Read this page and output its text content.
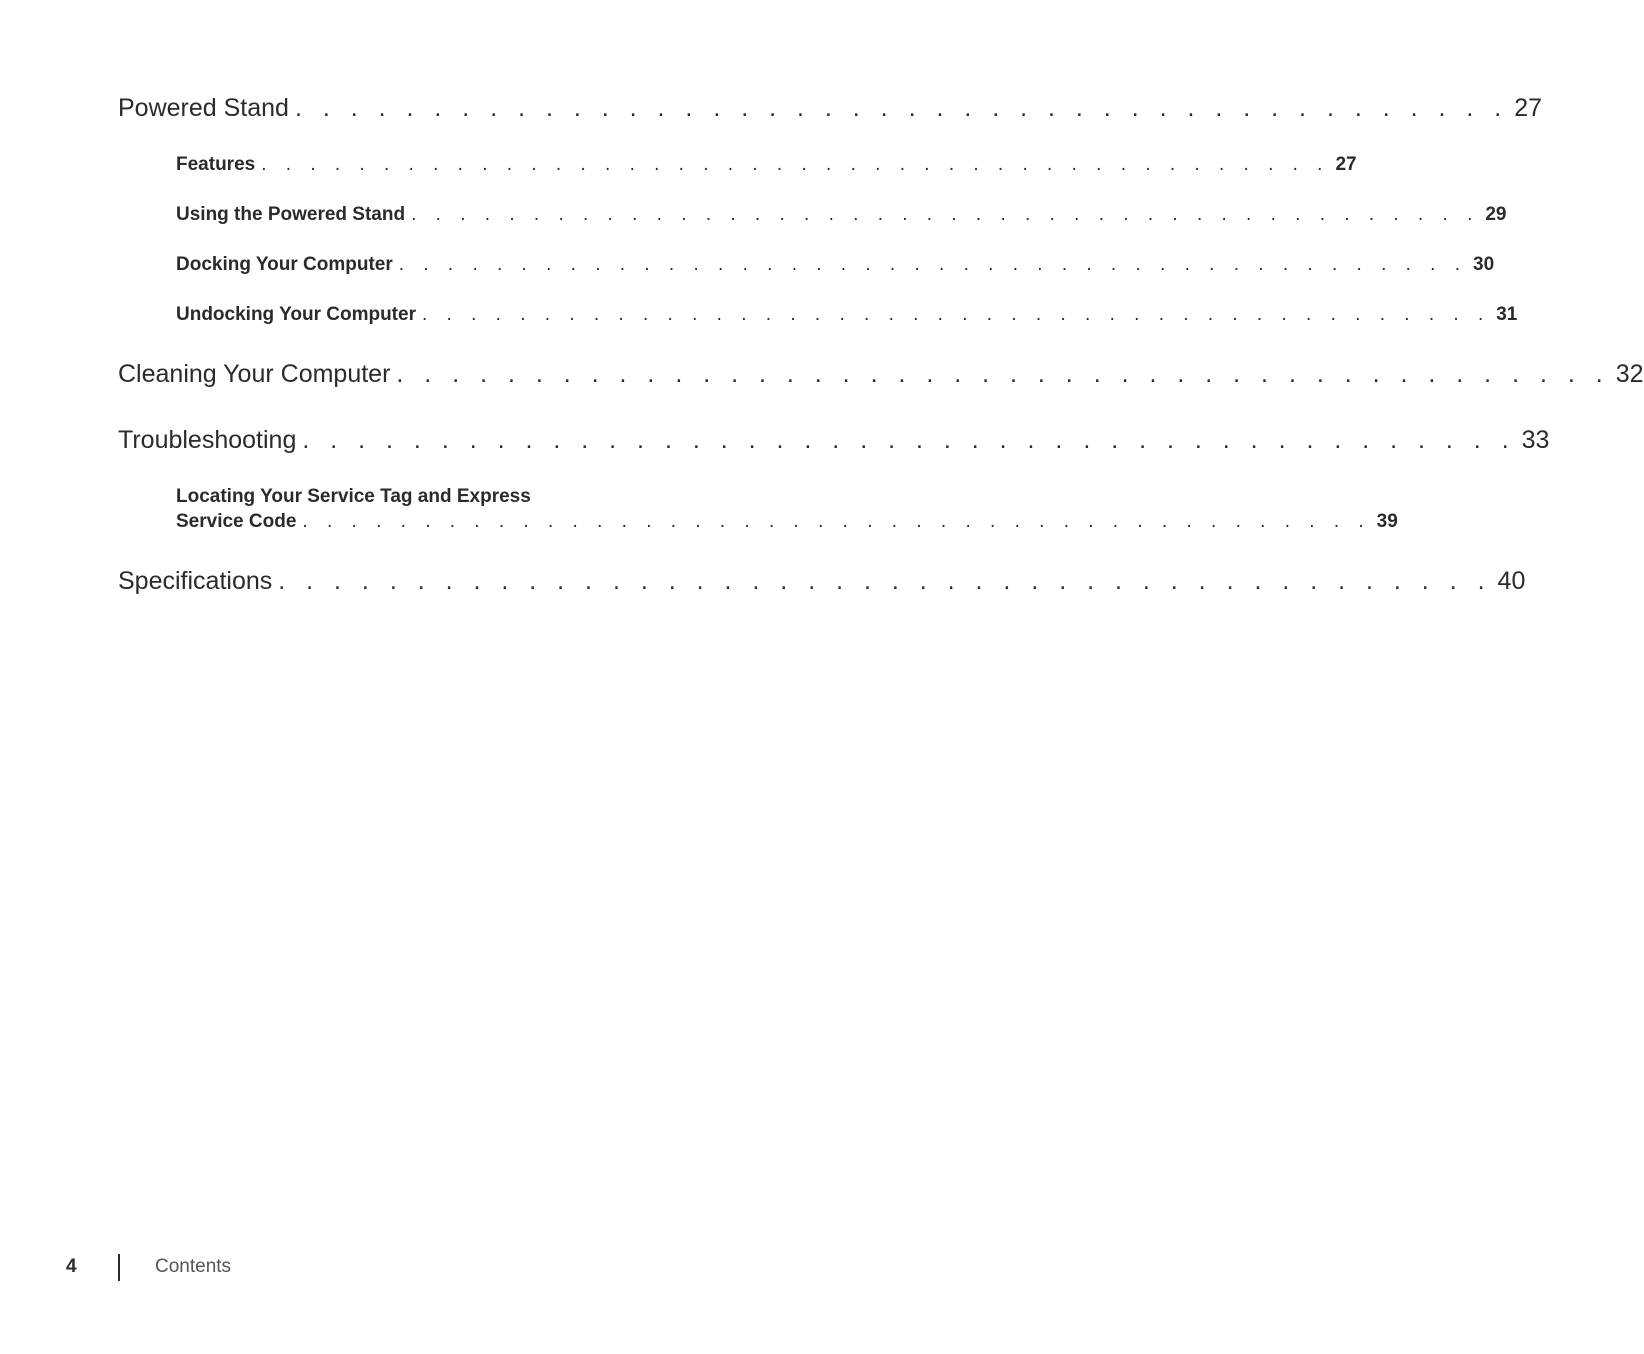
Powered Stand . . . . . . . . . . . . . . . . . . . . . . . . . . . . . . . . . . . . . . . . . . . . 27
Features . . . . . . . . . . . . . . . . . . . . . . . . . . . . . . . . . . . . . . . . . . . . 27
Using the Powered Stand . . . . . . . . . . . . . . . . . . . . . . . . . . . . . . . . . . . . . . . . . . . . 29
Docking Your Computer . . . . . . . . . . . . . . . . . . . . . . . . . . . . . . . . . . . . . . . . . . . . 30
Undocking Your Computer . . . . . . . . . . . . . . . . . . . . . . . . . . . . . . . . . . . . . . . . . . . . 31
Cleaning Your Computer . . . . . . . . . . . . . . . . . . . . . . . . . . . . . . . . . . . . . . . . . . . . 32
Troubleshooting . . . . . . . . . . . . . . . . . . . . . . . . . . . . . . . . . . . . . . . . . . . . 33
Locating Your Service Tag and Express
Service Code . . . . . . . . . . . . . . . . . . . . . . . . . . . . . . . . . . . . . . . . . . . . 39
Specifications . . . . . . . . . . . . . . . . . . . . . . . . . . . . . . . . . . . . . . . . . . . . 40
4	Contents
